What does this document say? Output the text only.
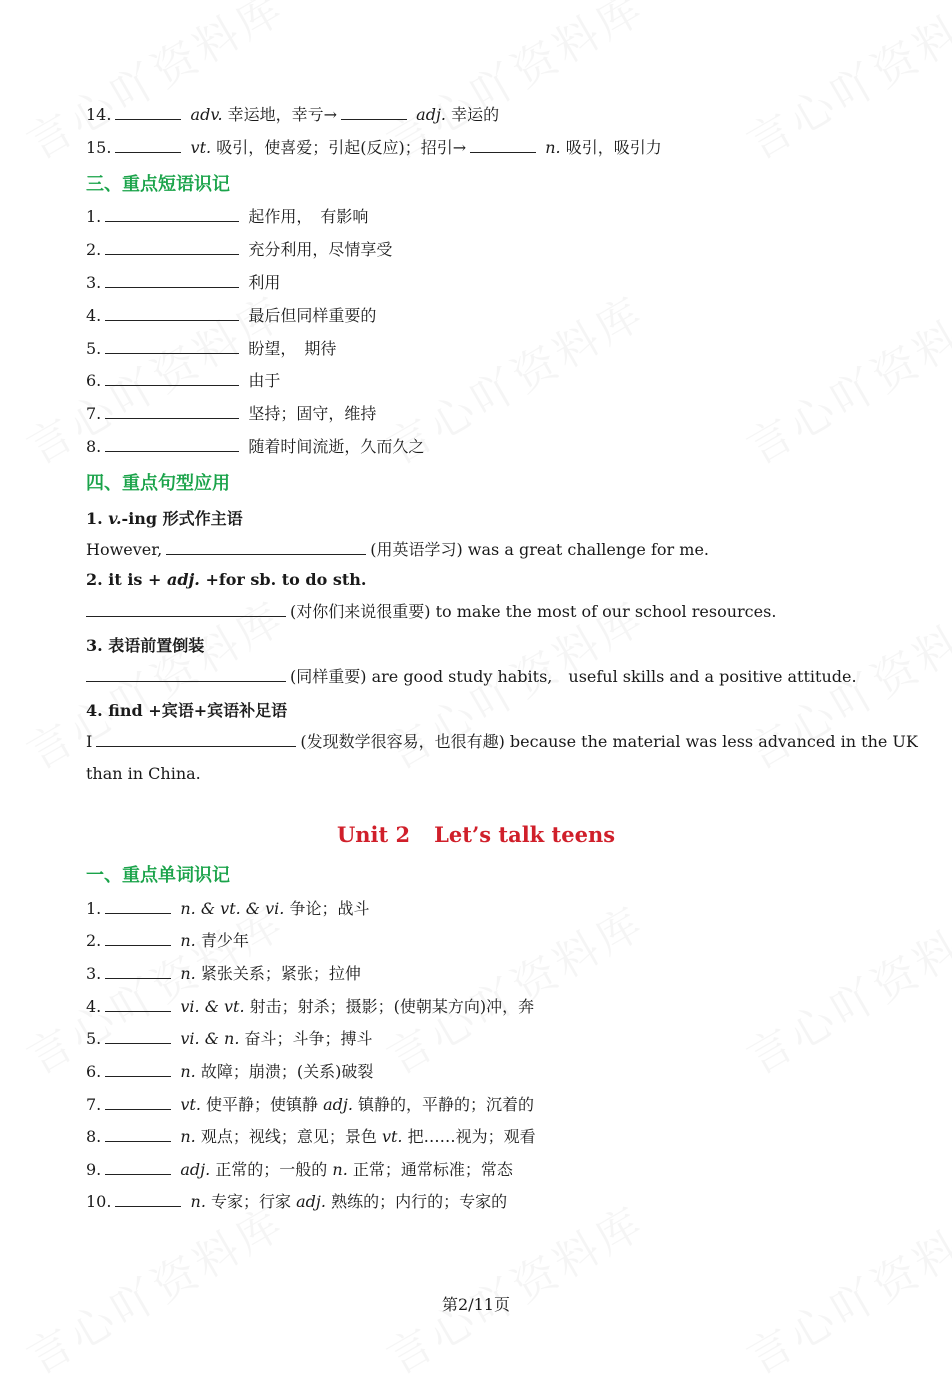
14.	adv. 幸运地，幸亏→	adj. 幸运的
15.	vt. 吸引，使喜爱；引起(反应)；招引→	n. 吸引，吸引力
三、重点短语识记
1.	起作用，　有影响
2.	充分利用，尽情享受
3.	利用
4.	最后但同样重要的
5.	盼望，　期待
6.	由于
7.	坚持；固守，维持
8.	随着时间流逝，久而久之
四、重点句型应用
1. v.-ing 形式作主语
However,	(用英语学习) was a great challenge for me.
2. it is + adj. +for sb. to do sth.
(对你们来说很重要) to make the most of our school resources.
3. 表语前置倒装
(同样重要) are good study habits,　useful skills and a positive attitude.
4. find +宾语+宾语补足语
I	(发现数学很容易，也很有趣) because the material was less advanced in the UK
than in China.
Unit 2 Let’s talk teens
一、重点单词识记
1.	n. & vt. & vi. 争论；战斗
2.	n. 青少年
3.	n. 紧张关系；紧张；拉伸
4.	vi. & vt. 射击；射杀；摄影；(使朝某方向)冲，奔
5.	vi. & n. 奋斗；斗争；搏斗
6.	n. 故障；崩溃；(关系)破裂
7.	vt. 使平静；使镇静 adj. 镇静的，平静的；沉着的
8.	n. 观点；视线；意见；景色 vt. 把……视为；观看
9.	adj. 正常的；一般的 n. 正常；通常标准；常态
10.	n. 专家；行家 adj. 熟练的；内行的；专家的
第2/11页
